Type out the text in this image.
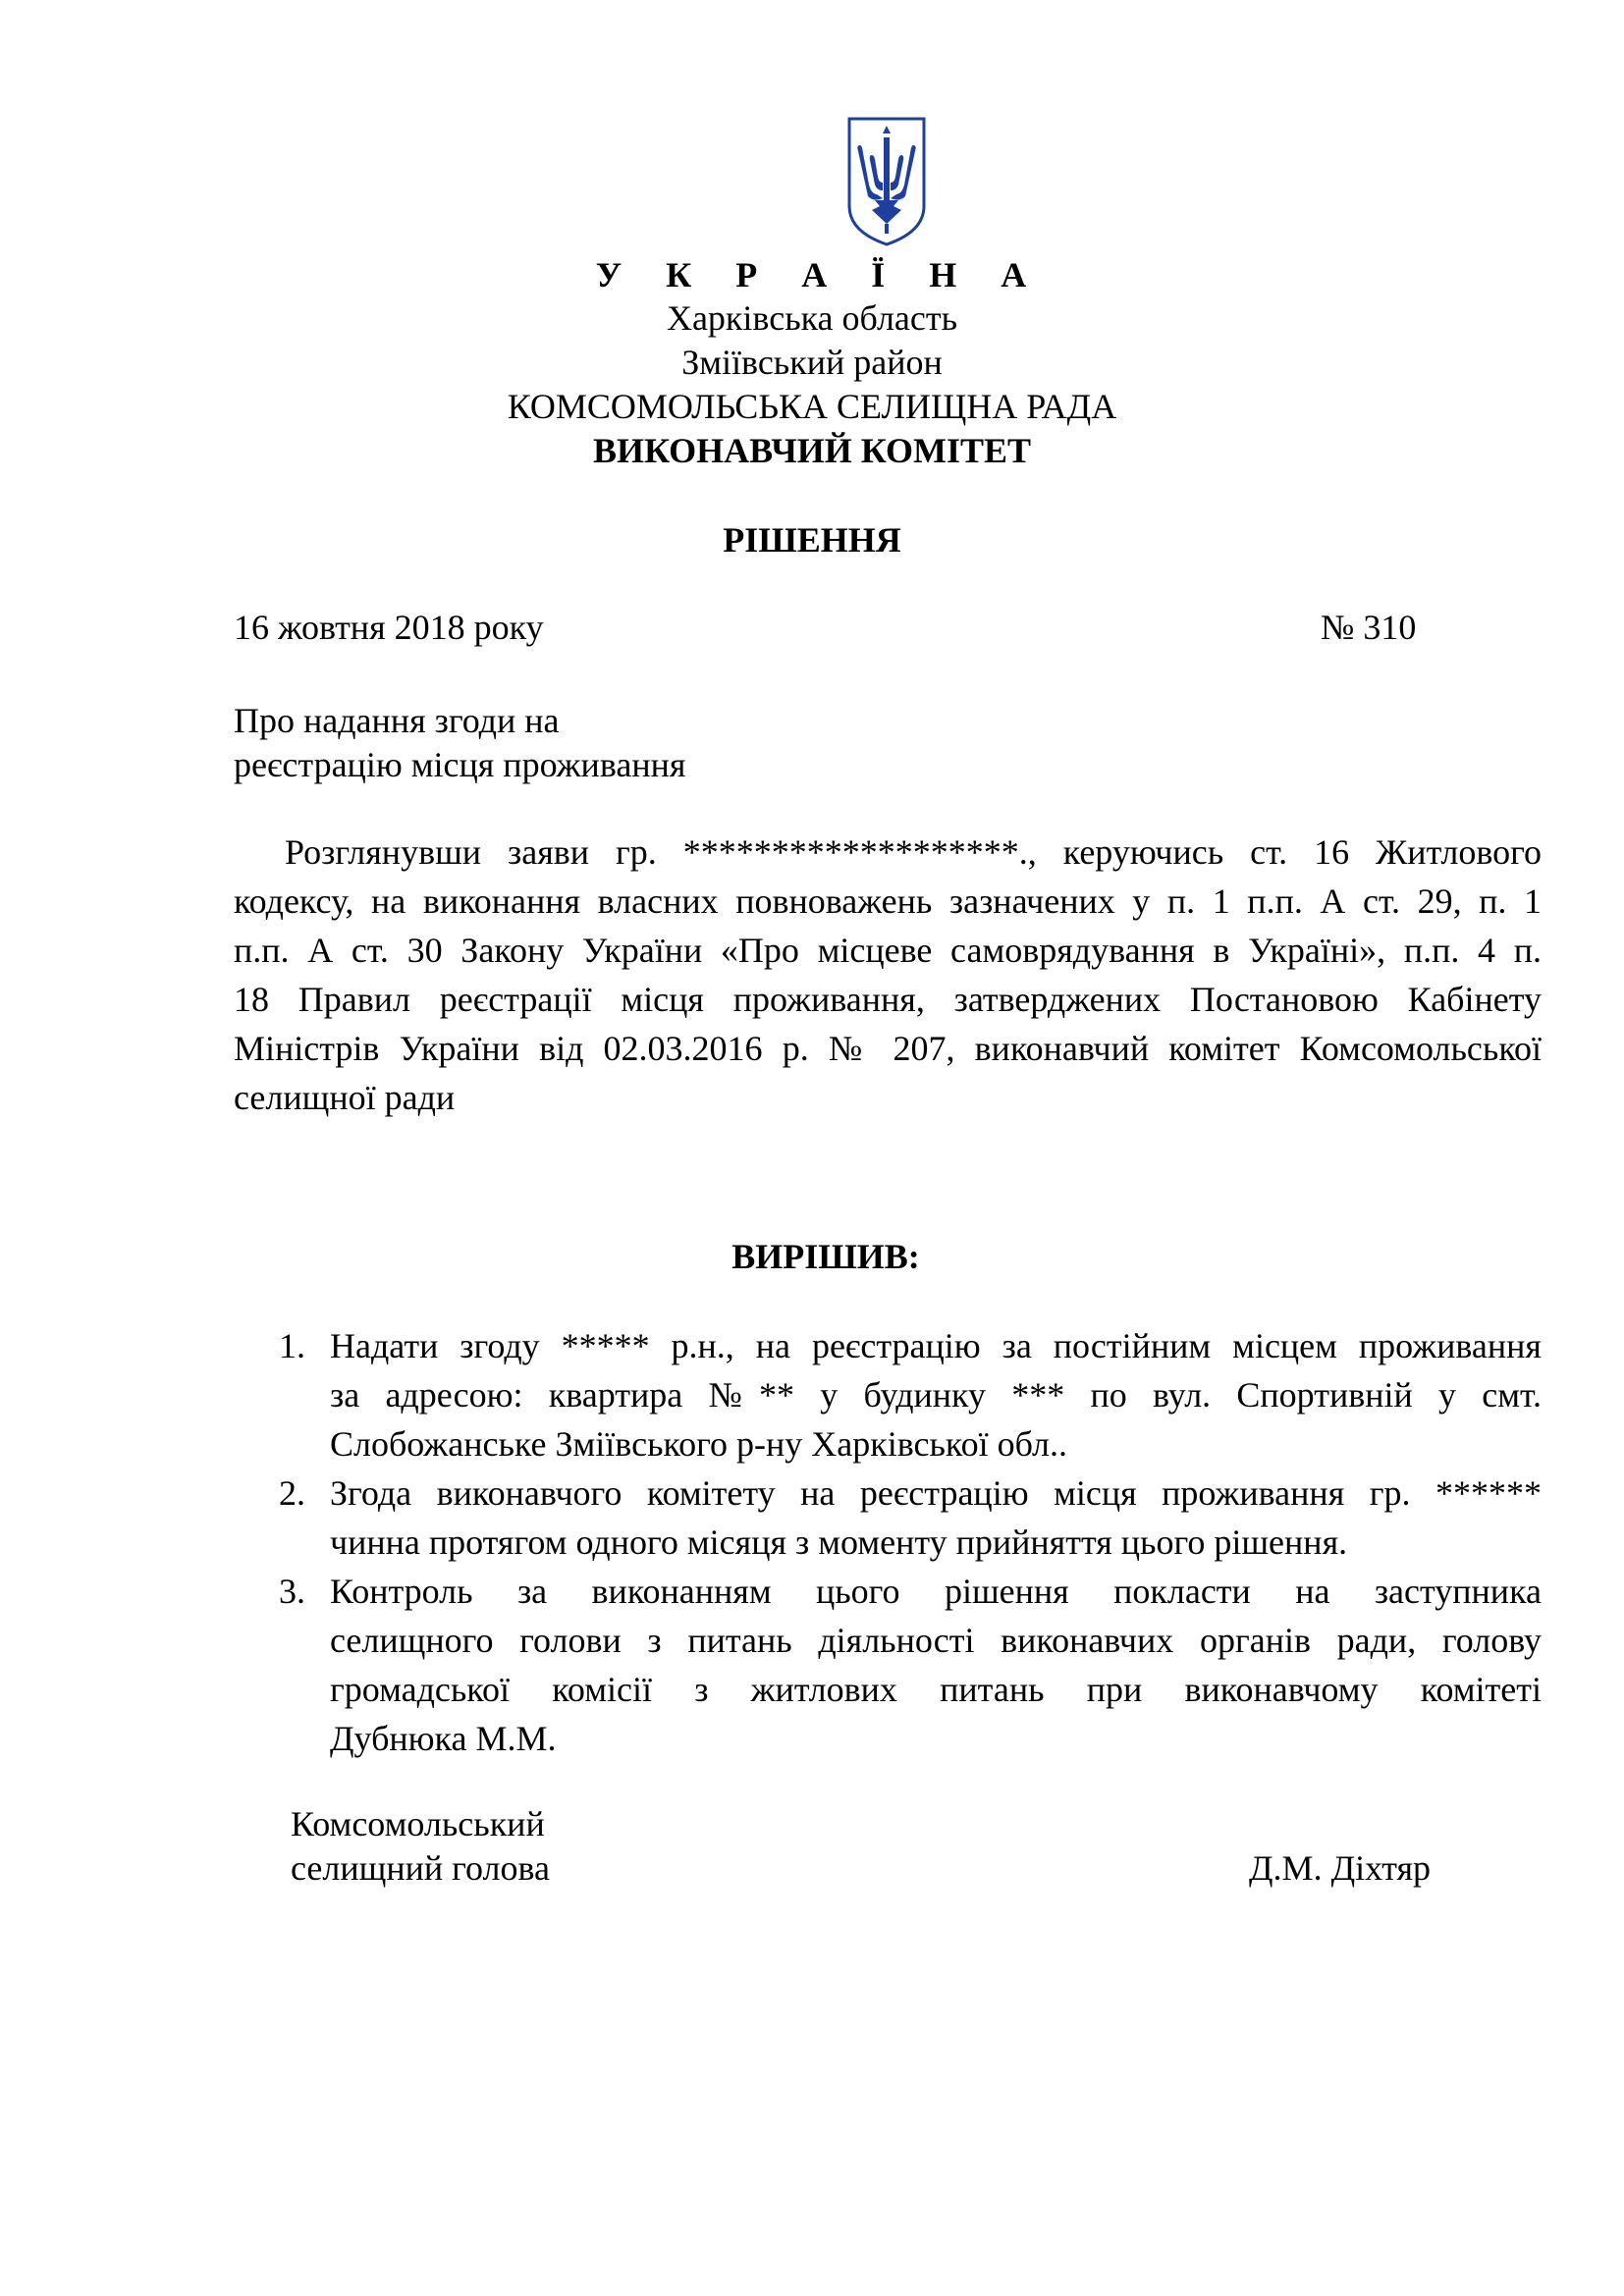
У К Р А Ї Н А
Харківська область
Зміївський район
КОМСОМОЛЬСЬКА СЕЛИЩНА РАДА
ВИКОНАВЧИЙ КОМІТЕТ
РІШЕННЯ
16 жовтня 2018 року	№ 310
Про надання згоди на
реєстрацію місця проживання
Розглянувши заяви гр. *******************., керуючись ст. 16 Житлового
кодексу, на виконання власних повноважень зазначених у п. 1 п.п. А ст. 29, п. 1
п.п. А ст. 30 Закону України «Про місцеве самоврядування в Україні», п.п. 4 п.
18 Правил реєстрації місця проживання, затверджених Постановою Кабінету
Міністрів України від 02.03.2016 р. № 207, виконавчий комітет Комсомольської
селищної ради
ВИРІШИВ:
1. Надати згоду ***** р.н., на реєстрацію за постійним місцем проживання
за адресою: квартира №** у будинку *** по вул. Спортивній у смт.
Слобожанське Зміївського р-ну Харківської обл..
2. Згода виконавчого комітету на реєстрацію місця проживання гр. ******
чинна протягом одного місяця з моменту прийняття цього рішення.
3. Контроль за виконанням цього рішення покласти на заступника
селищного голови з питань діяльності виконавчих органів ради, голову
громадської комісії з житлових питань при виконавчому комітеті
Дубнюка М.М.
Комсомольський
селищний голова	Д.М. Діхтяр
